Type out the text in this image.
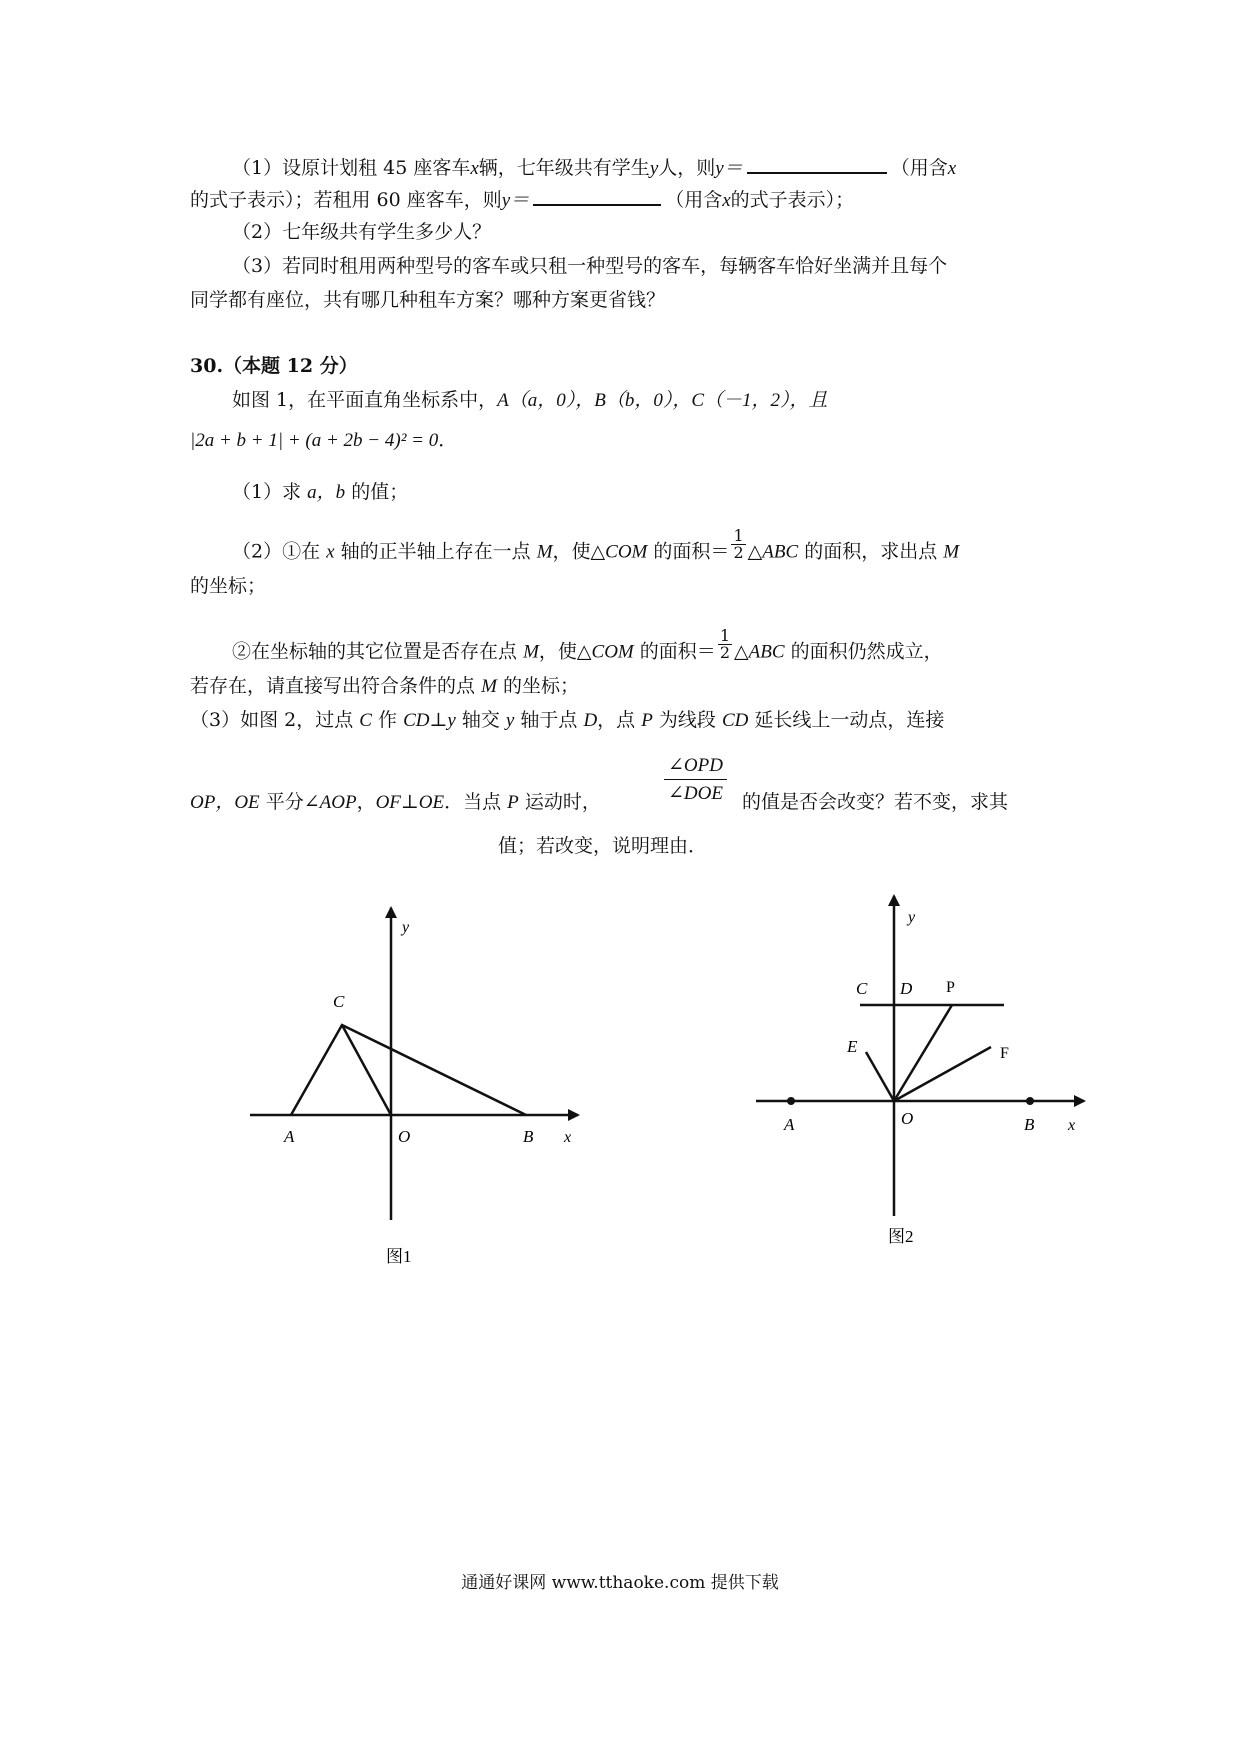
（1）设原计划租 45 座客车x辆，七年级共有学生y人，则y＝	（用含x
的式子表示）；若租用 60 座客车，则y＝	（用含x的式子表示）；
（2）七年级共有学生多少人？
（3）若同时租用两种型号的客车或只租一种型号的客车，每辆客车恰好坐满并且每个
同学都有座位，共有哪几种租车方案？哪种方案更省钱？
30.（本题 12 分）
如图 1，在平面直角坐标系中，A（a，0），B（b，0），C（－1，2），且
|2a + b + 1| + (a + 2b − 4)² = 0．
（1）求 a，b 的值；
（2）①在 x 轴的正半轴上存在一点 M，使△COM 的面积＝ $\frac{1}{2}$ △ABC 的面积，求出点 M
的坐标；
②在坐标轴的其它位置是否存在点 M，使△COM 的面积＝ $\frac{1}{2}$ △ABC 的面积仍然成立，
若存在，请直接写出符合条件的点 M 的坐标；
（3）如图 2，过点 C 作 CD⊥y 轴交 y 轴于点 D，点 P 为线段 CD 延长线上一动点，连接
OP，OE 平分∠AOP，OF⊥OE．当点 P 运动时，
∠OPD
∠DOE 的值是否会改变？若不变，求其
值；若改变，说明理由．
y
C
A	O	B x
图1
y
C D P
E	F
A	O	B x
图2
通通好课网 www.tthaoke.com 提供下载
